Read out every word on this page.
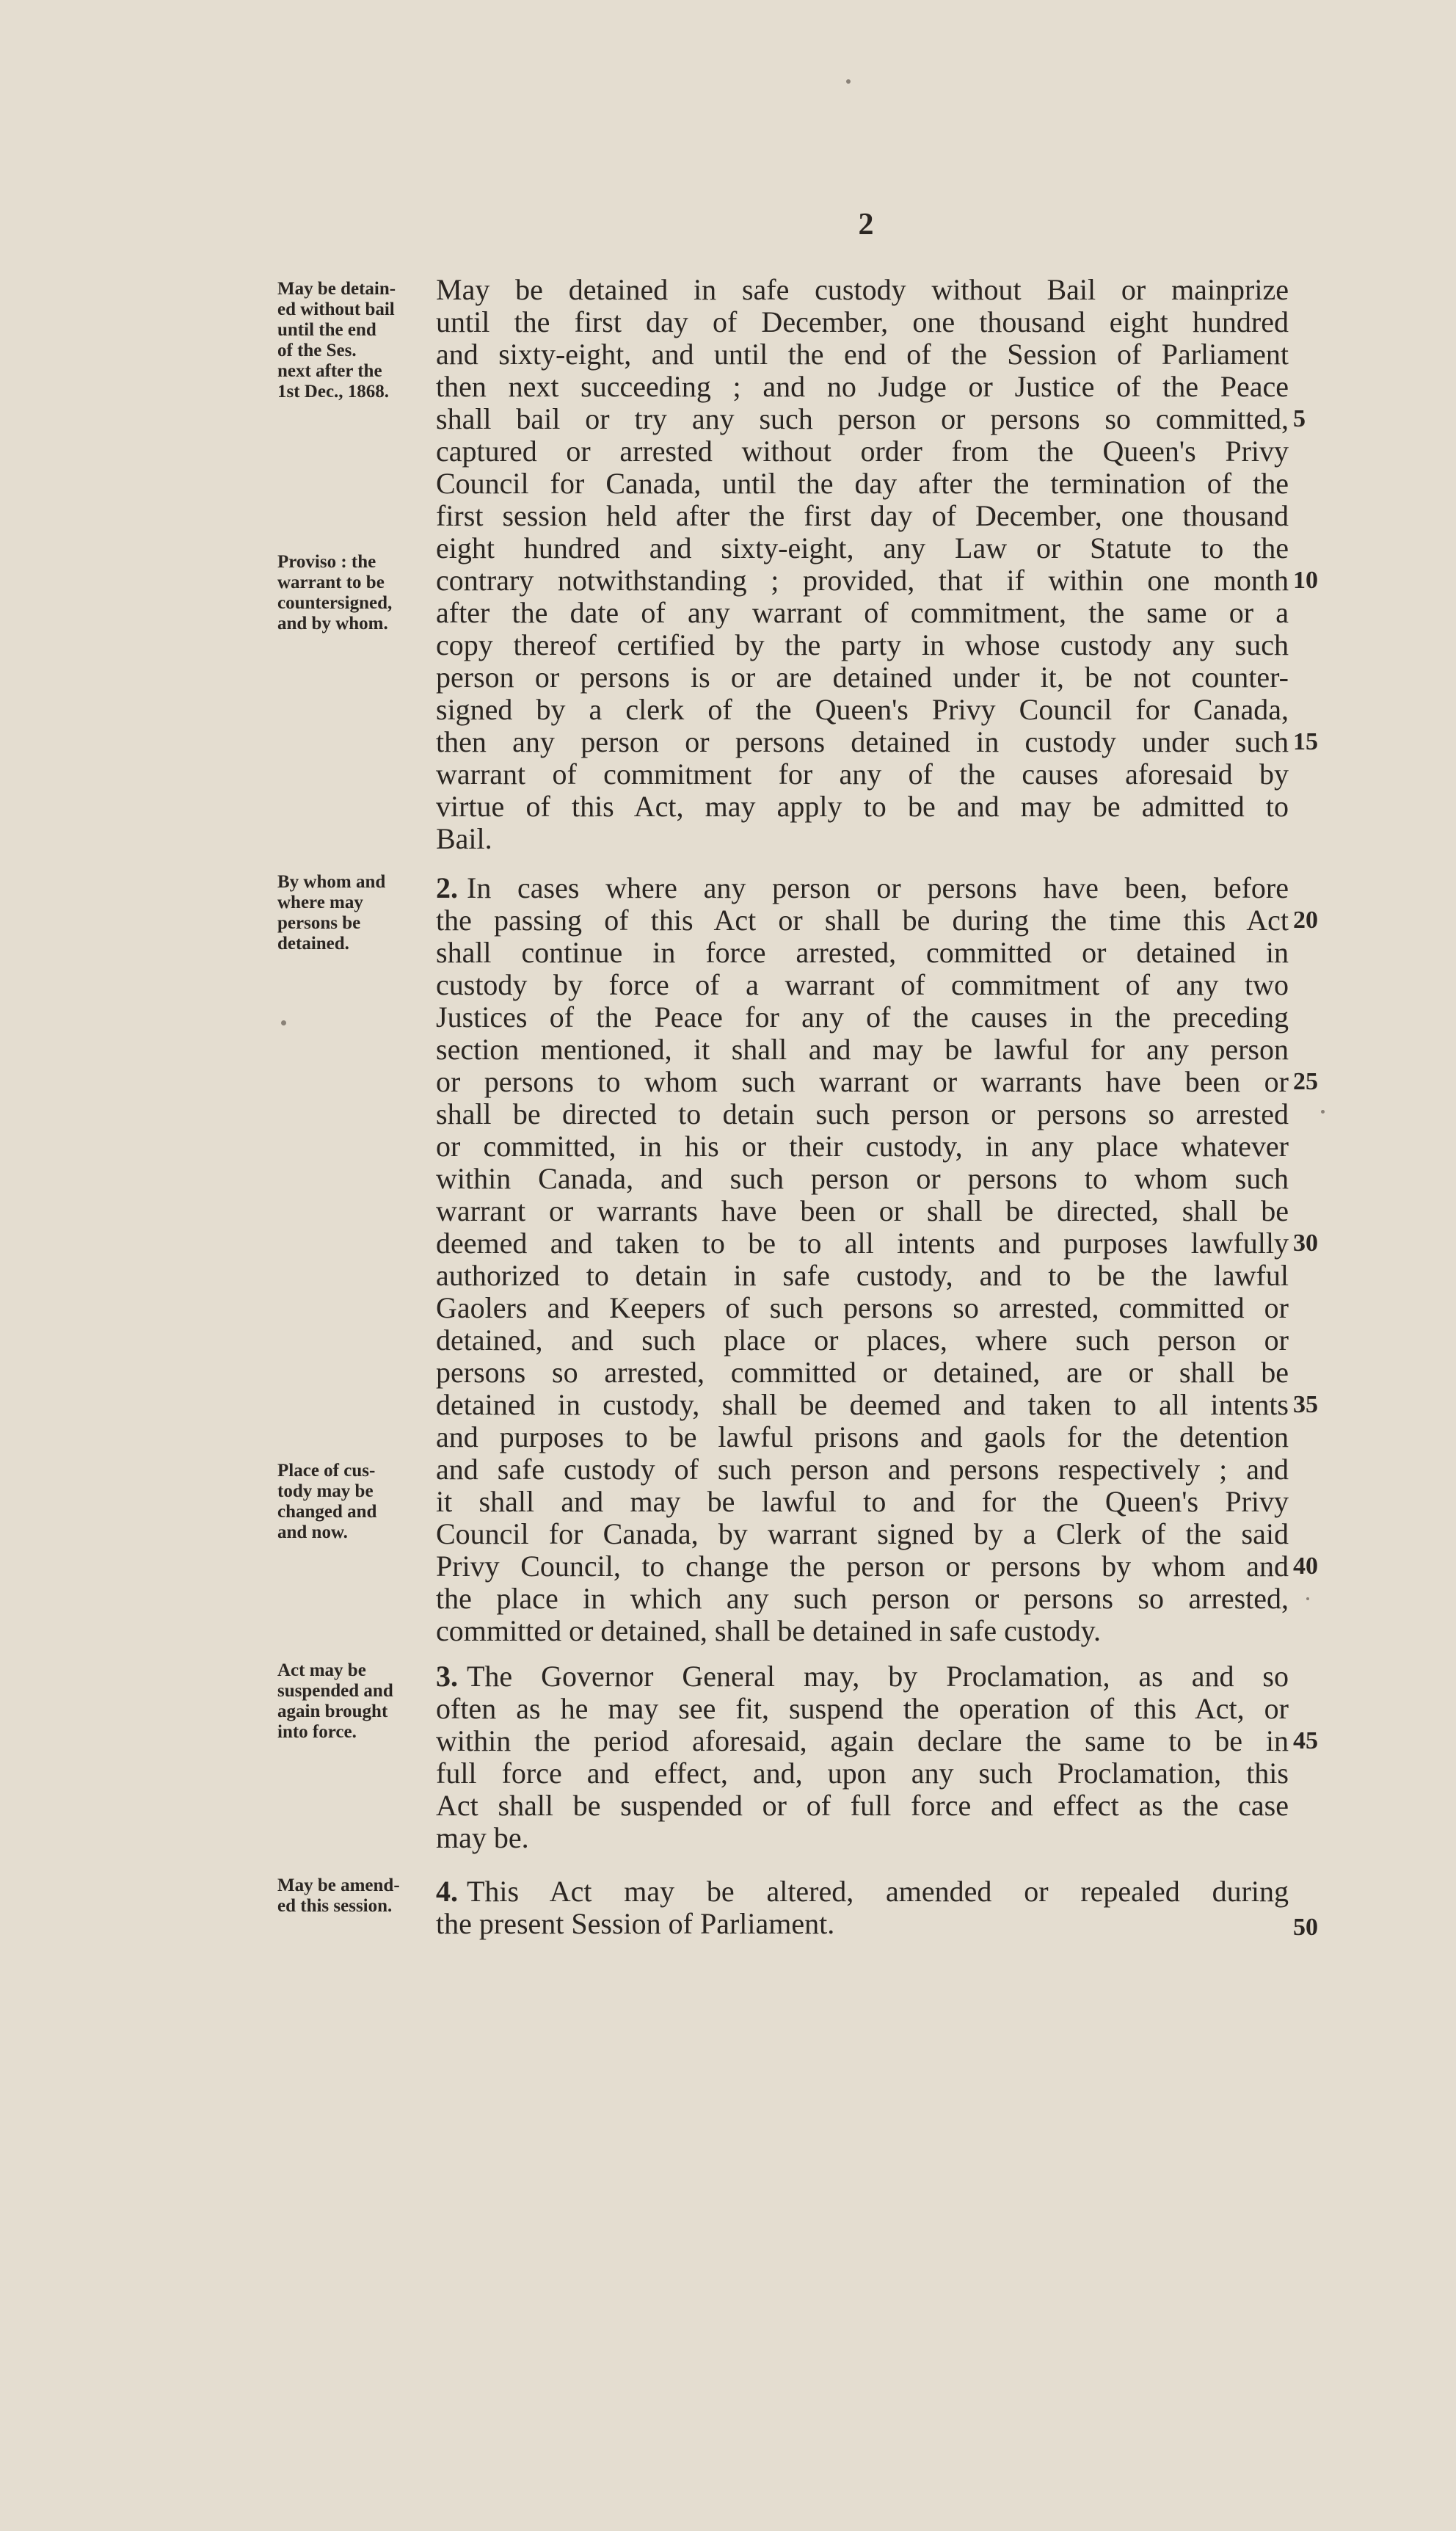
2
May be detain-
ed without bail
until the end
of the Ses.
next after the
1st Dec., 1868.
Proviso : the
warrant to be
countersigned,
and by whom.
By whom and
where may
persons be
detained.
Place of cus-
tody may be
changed and
and now.
Act may be
suspended and
again brought
into force.
May be amend-
ed this session.
May be detained in safe custody without Bail or mainprize
until the first day of December, one thousand eight hundred
and sixty-eight, and until the end of the Session of Parliament
then next succeeding ; and no Judge or Justice of the Peace
shall bail or try any such person or persons so committed,
captured or arrested without order from the Queen's Privy
Council for Canada, until the day after the termination of the
first session held after the first day of December, one thousand
eight hundred and sixty-eight, any Law or Statute to the
contrary notwithstanding ; provided, that if within one month
after the date of any warrant of commitment, the same or a
copy thereof certified by the party in whose custody any such
person or persons is or are detained under it, be not counter-
signed by a clerk of the Queen's Privy Council for Canada,
then any person or persons detained in custody under such
warrant of commitment for any of the causes aforesaid by
virtue of this Act, may apply to be and may be admitted to
Bail.
In cases where any person or persons have been, before
2.
the passing of this Act or shall be during the time this Act
shall continue in force arrested, committed or detained in
custody by force of a warrant of commitment of any two
Justices of the Peace for any of the causes in the preceding
section mentioned, it shall and may be lawful for any person
or persons to whom such warrant or warrants have been or
shall be directed to detain such person or persons so arrested
or committed, in his or their custody, in any place whatever
within Canada, and such person or persons to whom such
warrant or warrants have been or shall be directed, shall be
deemed and taken to be to all intents and purposes lawfully
authorized to detain in safe custody, and to be the lawful
Gaolers and Keepers of such persons so arrested, committed or
detained, and such place or places, where such person or
persons so arrested, committed or detained, are or shall be
detained in custody, shall be deemed and taken to all intents
and purposes to be lawful prisons and gaols for the detention
and safe custody of such person and persons respectively ; and
it shall and may be lawful to and for the Queen's Privy
Council for Canada, by warrant signed by a Clerk of the said
Privy Council, to change the person or persons by whom and
the place in which any such person or persons so arrested,
committed or detained, shall be detained in safe custody.
3. The Governor General may, by Proclamation, as and so
often as he may see fit, suspend the operation of this Act, or
within the period aforesaid, again declare the same to be in
full force and effect, and, upon any such Proclamation, this
Act shall be suspended or of full force and effect as the case
may be.
4. This Act may be altered, amended or repealed during
the present Session of Parliament.
5
10
15
20
25
30
35
40
45
50
